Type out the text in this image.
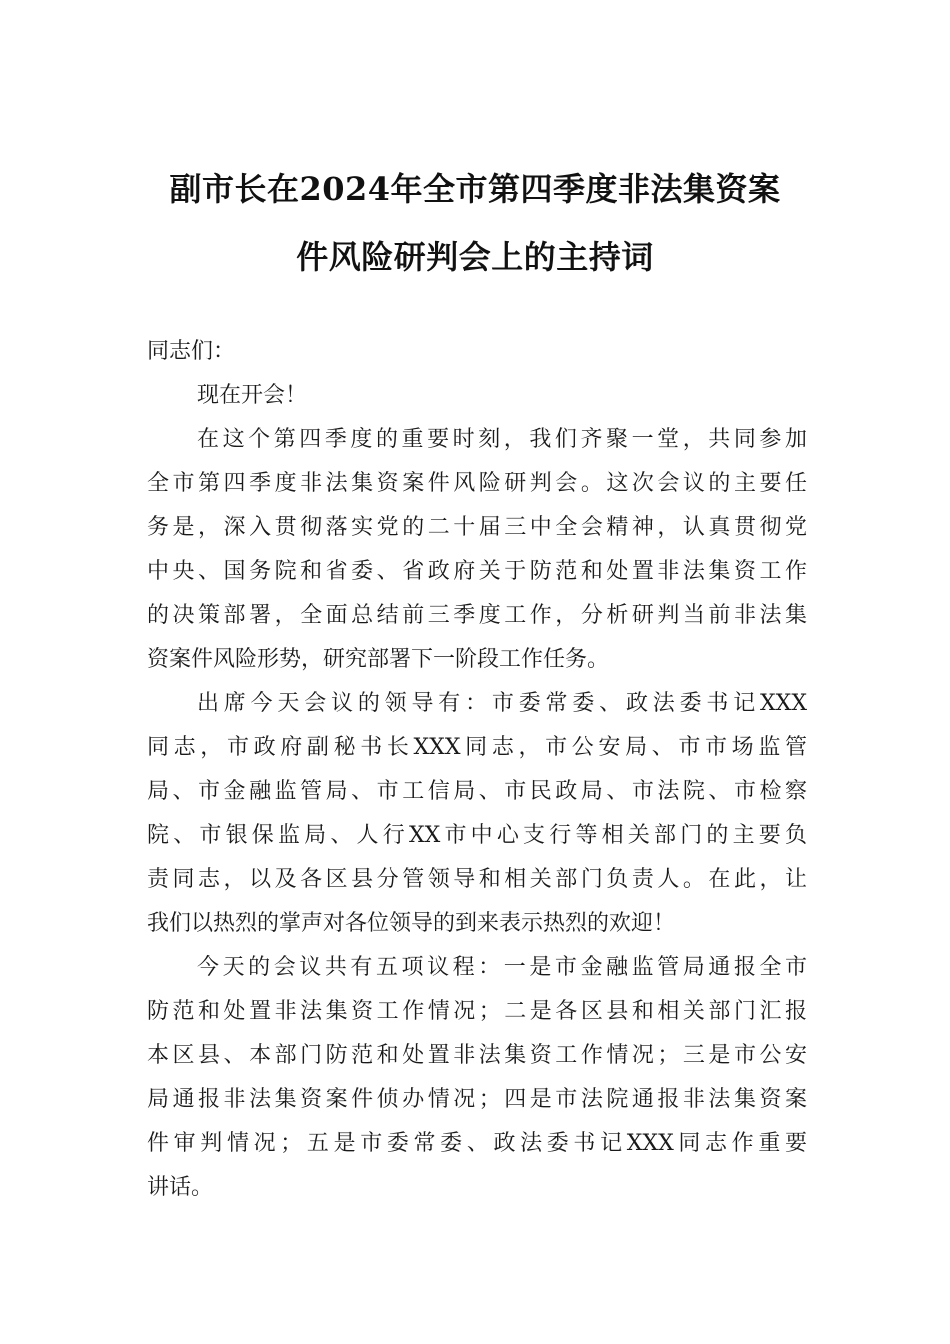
副市长在2024年全市第四季度非法集资案
件风险研判会上的主持词
同志们：
现在开会！
在这个第四季度的重要时刻，我们齐聚一堂，共同参加
全市第四季度非法集资案件风险研判会。这次会议的主要任
务是，深入贯彻落实党的二十届三中全会精神，认真贯彻党
中央、国务院和省委、省政府关于防范和处置非法集资工作
的决策部署，全面总结前三季度工作，分析研判当前非法集
资案件风险形势，研究部署下一阶段工作任务。
出席今天会议的领导有：市委常委、政法委书记XXX
同志，市政府副秘书长XXX同志，市公安局、市市场监管
局、市金融监管局、市工信局、市民政局、市法院、市检察
院、市银保监局、人行XX市中心支行等相关部门的主要负
责同志，以及各区县分管领导和相关部门负责人。在此，让
我们以热烈的掌声对各位领导的到来表示热烈的欢迎！
今天的会议共有五项议程：一是市金融监管局通报全市
防范和处置非法集资工作情况；二是各区县和相关部门汇报
本区县、本部门防范和处置非法集资工作情况；三是市公安
局通报非法集资案件侦办情况；四是市法院通报非法集资案
件审判情况；五是市委常委、政法委书记XXX同志作重要
讲话。
